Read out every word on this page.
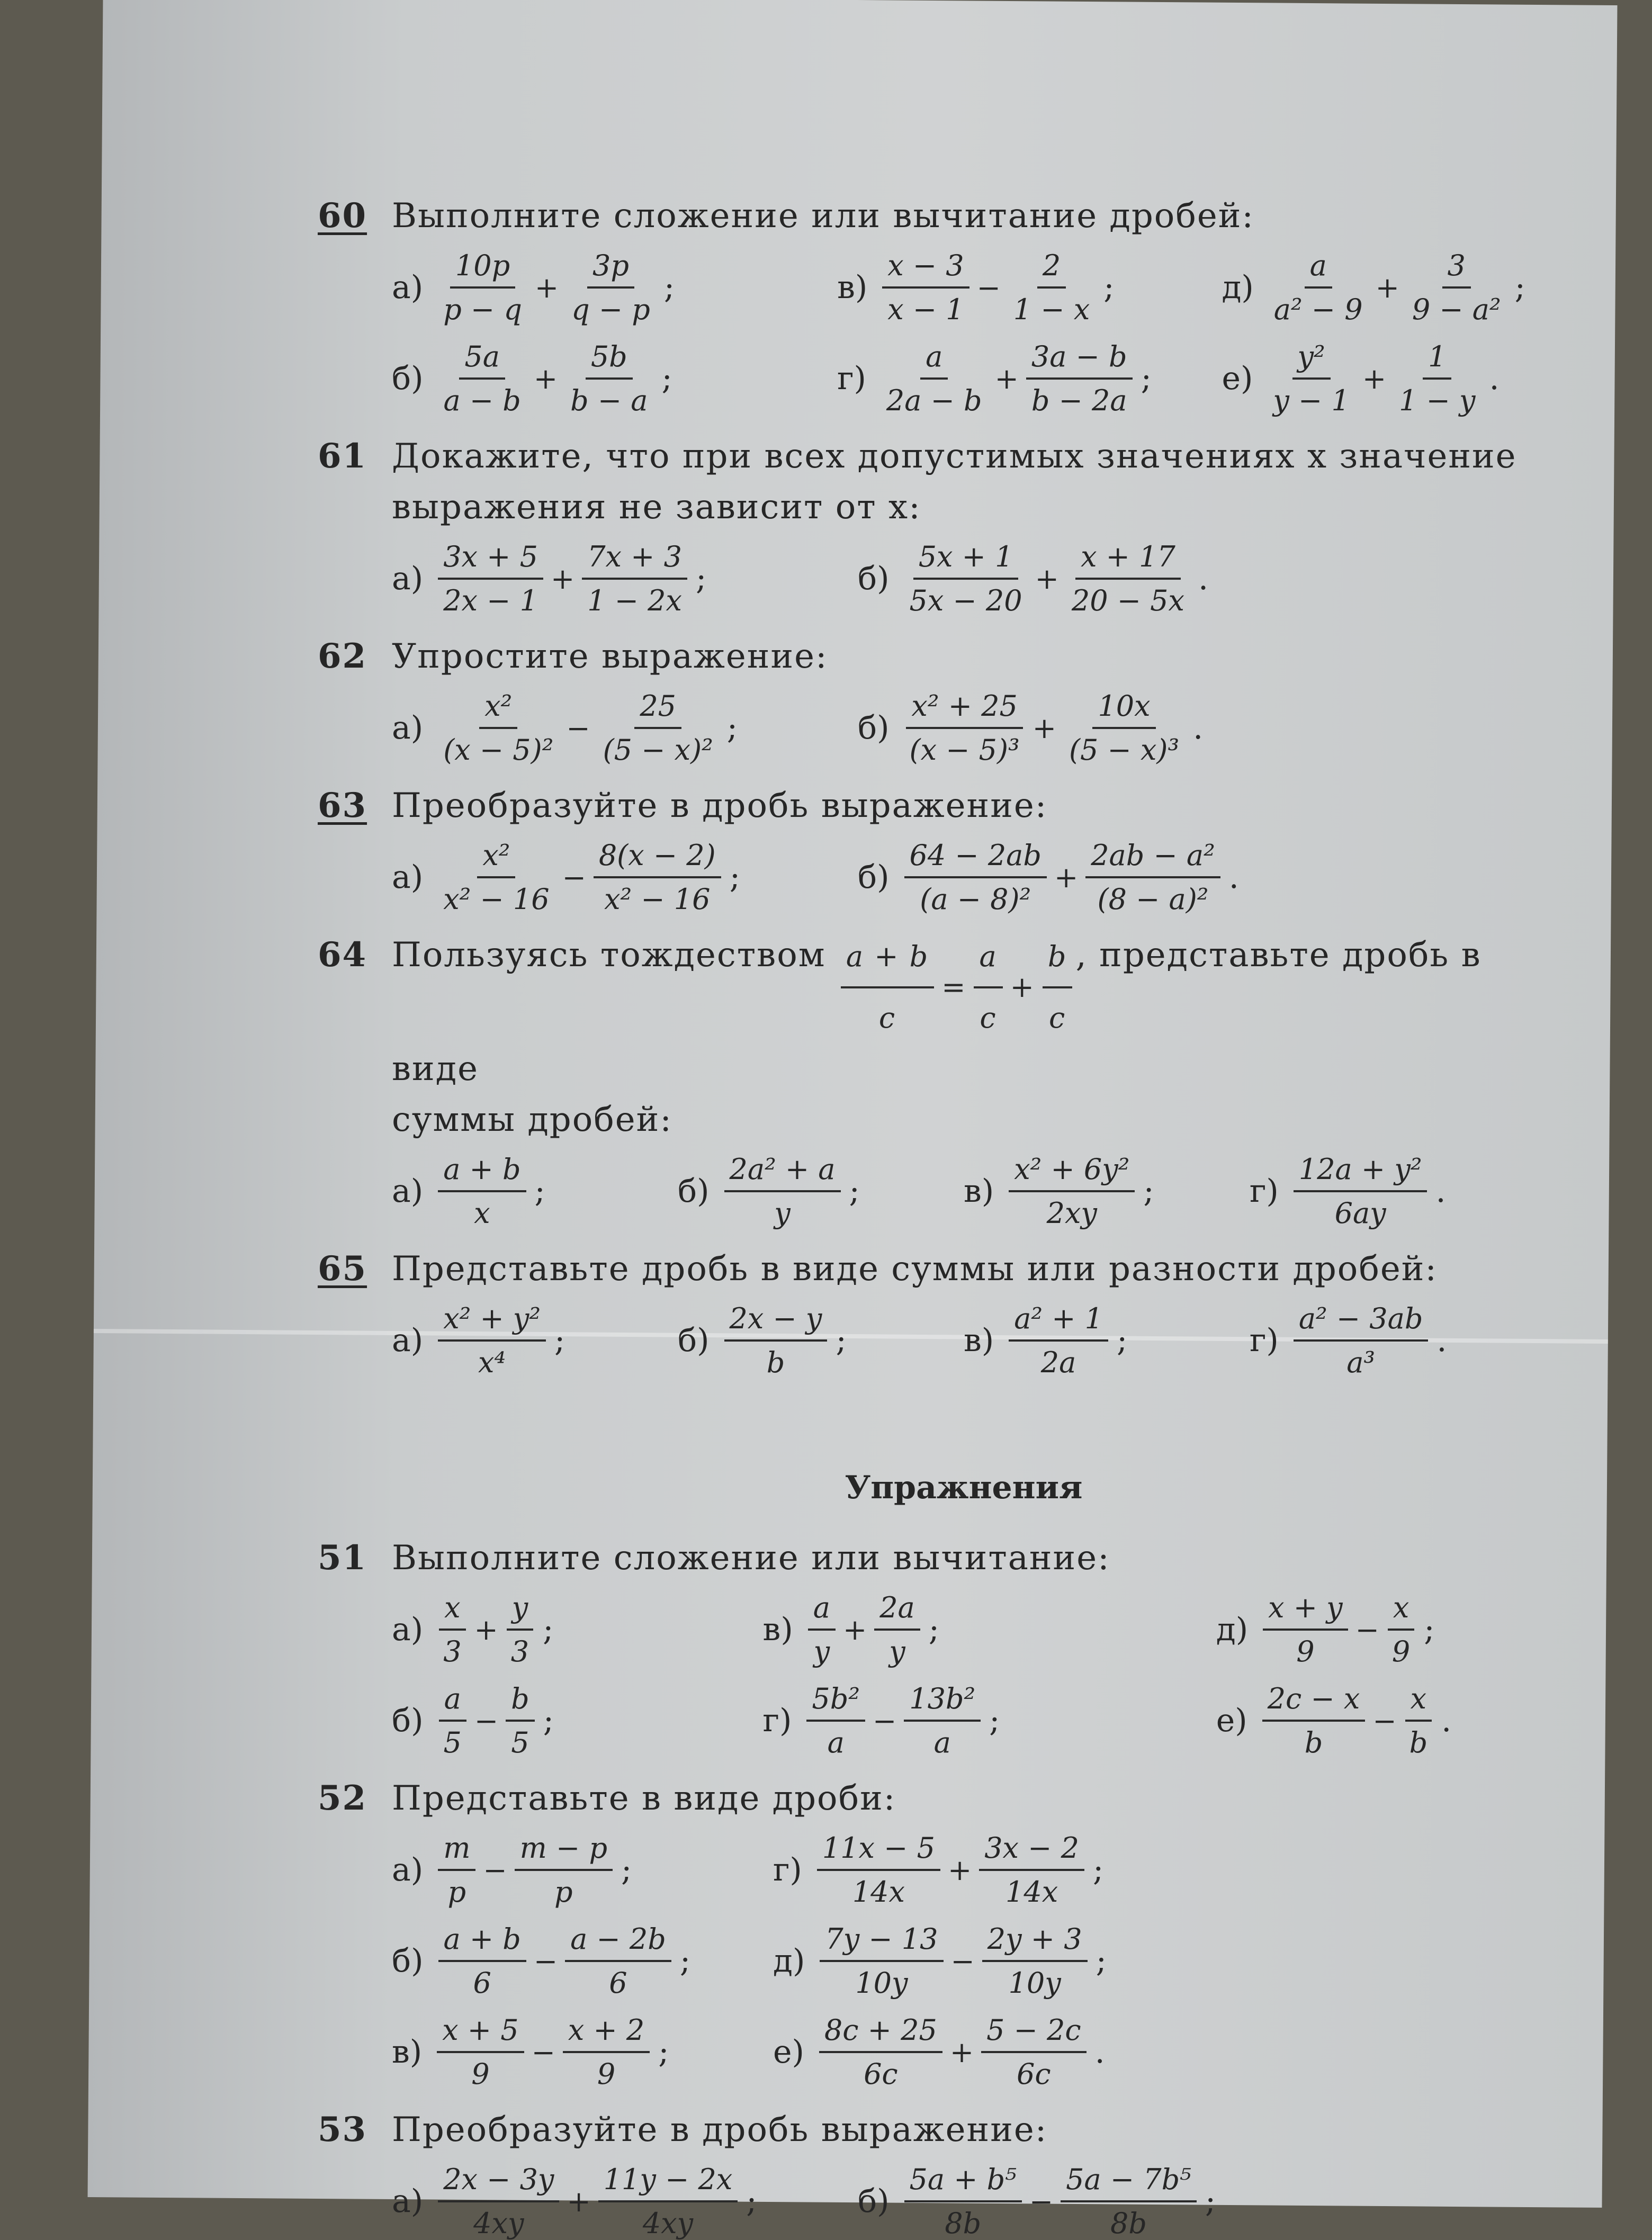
60 Выполните сложение или вычитание дробей:
$а) \frac{10p}{p - q} + \frac{3p}{q - p}$ ;	$в) \frac{x - 3}{x - 1} - \frac{2}{1 - x}$ ;	$д) \frac{a}{\text{a² − 9}} + \frac{3}{\text{9 − a²}}$ ;
$б) \frac{5a}{a - b} + \frac{5b}{b - a}$ ;	$г) \frac{a}{2a - b} + \frac{3a - b}{b - 2a}$ ; $е) \frac{\text{y²}}{y - 1} + \frac{1}{1 - y}$ .
61 Докажите, что при всех допустимых значениях x значение
выражения не зависит от x:
$а) \frac{3x + 5}{2x - 1} + \frac{7x + 3}{1 - 2x}$ ;	$б) \frac{5x + 1}{5x - 20} + \frac{x + 17}{20 - 5x}$ .
62 Упростите выражение:
$а) \frac{\text{x²}}{\text{(x − 5)²}} - \frac{25}{\text{(5 − x)²}}$ ;	$б) \frac{\text{x² + 25}}{\text{(x − 5)³}} + \frac{10x}{\text{(5 − x)³}}$ .
63 Преобразуйте в дробь выражение:
$а) \frac{\text{x²}}{\text{x² − 16}} - \frac{8(x - 2)}{\text{x² − 16}}$ ;	$б) \frac{64 - 2ab}{\text{(a − 8)²}} + \frac{\text{2ab − a²}}{\text{(8 − a)²}}$ .
64 Пользуясь тождеством $\frac{a + b}{c} = \frac{a}{c} + \frac{b}{c}$ , представьте дробь в виде
суммы дробей:
$а) \frac{a + b}{x}$ ;	$б) \frac{\text{2a² + a}}{y}$ ;	$в) \frac{\text{x² + 6y²}}{2xy}$ ;	$г) \frac{\text{12a + y²}}{6ay}$ .
65 Представьте дробь в виде суммы или разности дробей:
$а) \frac{\text{x² + y²}}{\text{x⁴}}$ ;	$б) \frac{2x - y}{b}$ ;	$в) \frac{\text{a² + 1}}{2a}$ ;	$г) \frac{\text{a² − 3ab}}{\text{a³}}$ .
Упражнения
51 Выполните сложение или вычитание:
$а) \frac{x}{3} + \frac{y}{3}$ ;	$в) \frac{a}{y} + \frac{2a}{y}$ ;	$д) \frac{x + y}{9} - \frac{x}{9}$ ;
$б) \frac{a}{5} - \frac{b}{5}$ ;	$г) \frac{\text{5b²}}{a} - \frac{\text{13b²}}{a}$ ;	$е) \frac{2c - x}{b} - \frac{x}{b}$ .
52 Представьте в виде дроби:
$а) \frac{m}{p} - \frac{m - p}{p}$ ;	$г) \frac{11x - 5}{14x} + \frac{3x - 2}{14x}$ ;
$б) \frac{a + b}{6} - \frac{a - 2b}{6}$ ;	$д) \frac{7y - 13}{10y} - \frac{2y + 3}{10y}$ ;
$в) \frac{x + 5}{9} - \frac{x + 2}{9}$ ;	$е) \frac{8c + 25}{6c} + \frac{5 - 2c}{6c}$ .
53 Преобразуйте в дробь выражение:
$а) \frac{2x - 3y}{4xy} + \frac{11y - 2x}{4xy}$ ;	$б) \frac{\text{5a + b⁵}}{8b} - \frac{\text{5a − 7b⁵}}{8b}$ ;
